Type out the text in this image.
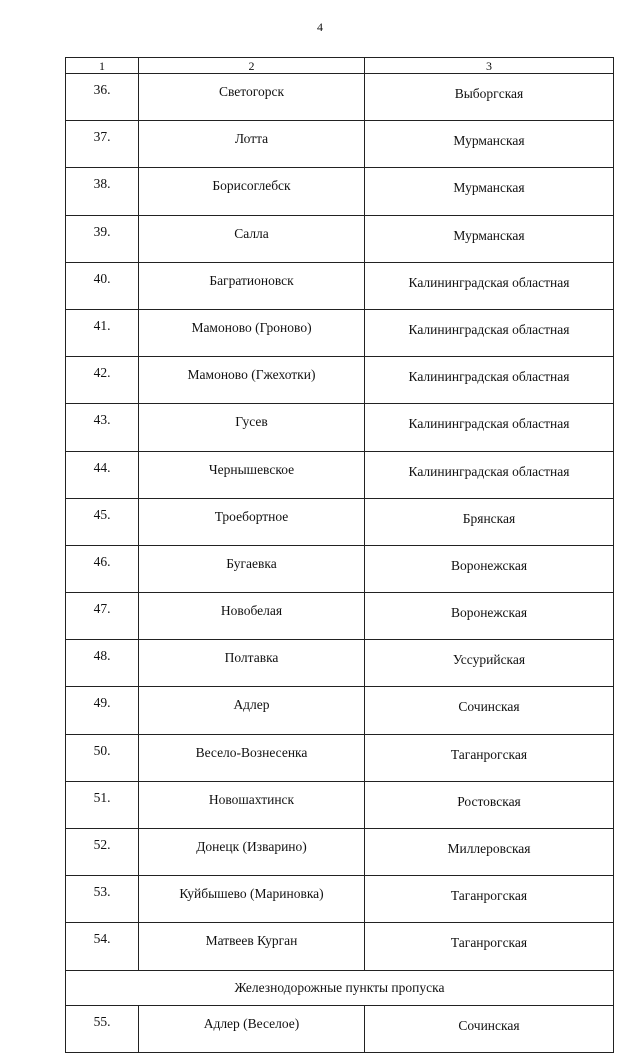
4
1	2	3
36.	Светогорск	Выборгская
37.	Лотта	Мурманская
38.	Борисоглебск	Мурманская
39.	Салла	Мурманская
40.	Багратионовск	Калининградская областная
41.	Мамоново (Гроново)	Калининградская областная
42.	Мамоново (Гжехотки)	Калининградская областная
43.	Гусев	Калининградская областная
44.	Чернышевское	Калининградская областная
45.	Троебортное	Брянская
46.	Бугаевка	Воронежская
47.	Новобелая	Воронежская
48.	Полтавка	Уссурийская
49.	Адлер	Сочинская
50.	Весело-Вознесенка	Таганрогская
51.	Новошахтинск	Ростовская
52.	Донецк (Изварино)	Миллеровская
53.	Куйбышево (Мариновка)	Таганрогская
54.	Матвеев Курган	Таганрогская
Железнодорожные пункты пропуска		
55.	Адлер (Веселое)	Сочинская
